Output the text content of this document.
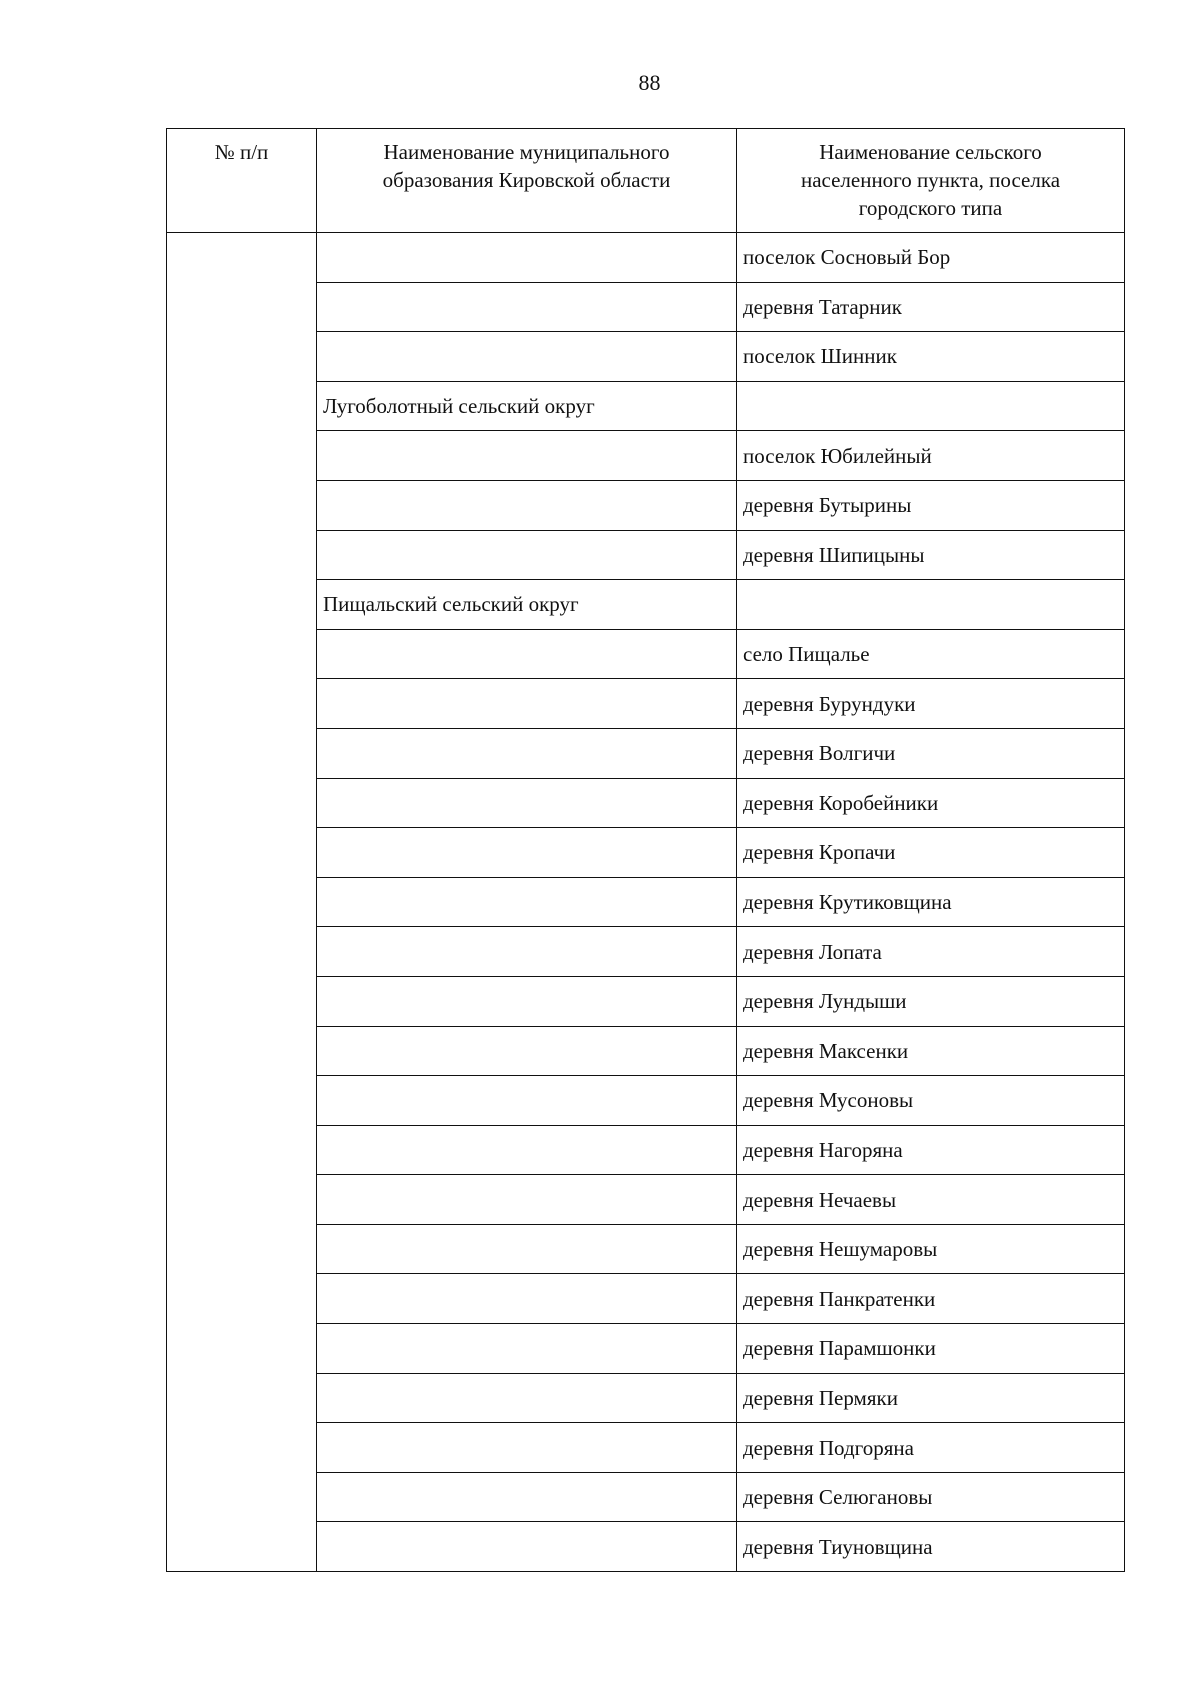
88
№ п/п	Наименование муниципального
образования Кировской области	Наименование сельского
населенного пункта, поселка
городского типа

		поселок Сосновый Бор
		деревня Татарник
		поселок Шинник
	Лугоболотный сельский округ	
		поселок Юбилейный
		деревня Бутырины
		деревня Шипицыны
	Пищальский сельский округ	
		село Пищалье
		деревня Бурундуки
		деревня Волгичи
		деревня Коробейники
		деревня Кропачи
		деревня Крутиковщина
		деревня Лопата
		деревня Лундыши
		деревня Максенки
		деревня Мусоновы
		деревня Нагоряна
		деревня Нечаевы
		деревня Нешумаровы
		деревня Панкратенки
		деревня Парамшонки
		деревня Пермяки
		деревня Подгоряна
		деревня Селюгановы
		деревня Тиуновщина
